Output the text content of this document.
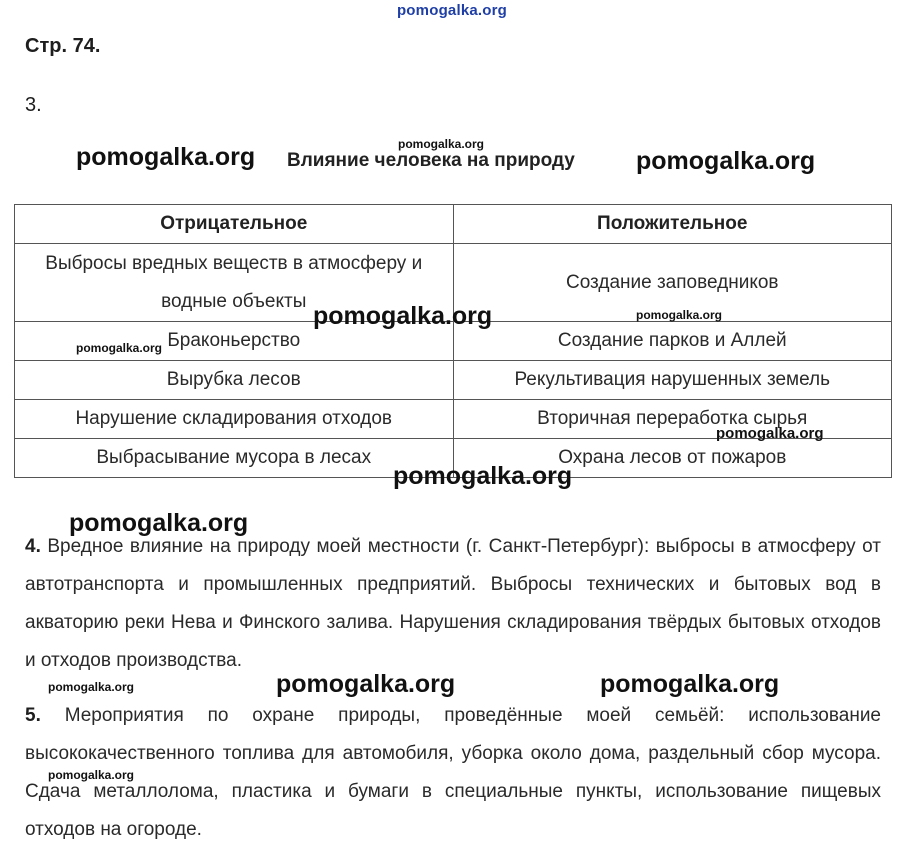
pomogalka.org
Стр. 74.
3.
pomogalka.org
pomogalka.org Влияние человека на природу pomogalka.org
Отрицательное	Положительное
Выбросы вредных веществ в атмосферу и водные объекты	Создание заповедников
Браконьерство	Создание парков и Аллей
Вырубка лесов	Рекультивация нарушенных земель
Нарушение складирования отходов	Вторичная переработка сырья
Выбрасывание мусора в лесах	Охрана лесов от пожаров
pomogalka.org	pomogalka.org
pomogalka.org
pomogalka.org
pomogalka.org
pomogalka.org
4. Вредное влияние на природу моей местности (г. Санкт-Петербург): выбросы в атмосферу от автотранспорта и промышленных предприятий. Выбросы технических и бытовых вод в акваторию реки Нева и Финского залива. Нарушения складирования твёрдых бытовых отходов и отходов производства.
pomogalka.org	pomogalka.org	pomogalka.org
5. Мероприятия по охране природы, проведённые моей семьёй: использование высококачественного топлива для автомобиля, уборка около дома, раздельный сбор мусора. Сдача металлолома, пластика и бумаги в специальные пункты, использование пищевых отходов на огороде.
pomogalka.org
